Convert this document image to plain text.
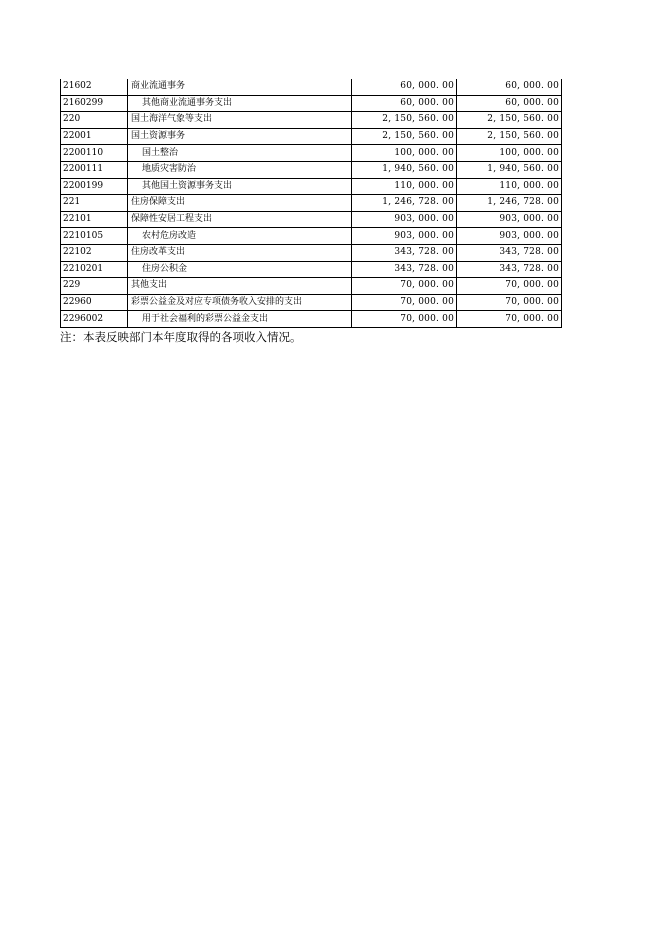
21602	商业流通事务	60, 000. 00	60, 000. 00
2160299	其他商业流通事务支出	60, 000. 00	60, 000. 00
220	国土海洋气象等支出	2, 150, 560. 00	2, 150, 560. 00
22001	国土资源事务	2, 150, 560. 00	2, 150, 560. 00
2200110	国土整治	100, 000. 00	100, 000. 00
2200111	地质灾害防治	1, 940, 560. 00	1, 940, 560. 00
2200199	其他国土资源事务支出	110, 000. 00	110, 000. 00
221	住房保障支出	1, 246, 728. 00	1, 246, 728. 00
22101	保障性安居工程支出	903, 000. 00	903, 000. 00
2210105	农村危房改造	903, 000. 00	903, 000. 00
22102	住房改革支出	343, 728. 00	343, 728. 00
2210201	住房公积金	343, 728. 00	343, 728. 00
229	其他支出	70, 000. 00	70, 000. 00
22960	彩票公益金及对应专项债务收入安排的支出	70, 000. 00	70, 000. 00
2296002	用于社会福利的彩票公益金支出	70, 000. 00	70, 000. 00
注：本表反映部门本年度取得的各项收入情况。
